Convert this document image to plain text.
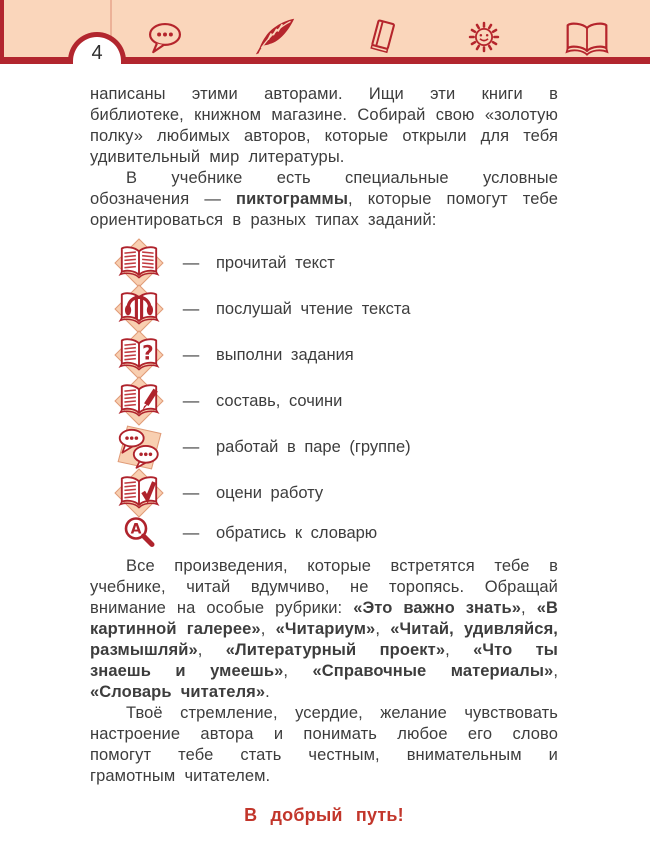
4

написаны этими авторами. Ищи эти книги в библиотеке, книжном магазине. Собирай свою «золотую полку» любимых авторов, которые открыли для тебя удивительный мир литературы.

В учебнике есть специальные условные обозначения — пиктограммы, которые помогут тебе ориентироваться в разных типах заданий:

— прочитай текст
— послушай чтение текста
? — выполни задания
— составь, сочини
— работай в паре (группе)
— оцени работу
А	— обратись к словарю

Все произведения, которые встретятся тебе в учебнике, читай вдумчиво, не торопясь. Обращай внимание на особые рубрики: «Это важно знать», «В картинной галерее», «Читариум», «Читай, удивляйся, размышляй», «Литературный проект», «Что ты знаешь и умеешь», «Справочные материалы», «Словарь читателя».

Твоё стремление, усердие, желание чувствовать настроение автора и понимать любое его слово помогут тебе стать честным, внимательным и грамотным читателем.

В добрый путь!
